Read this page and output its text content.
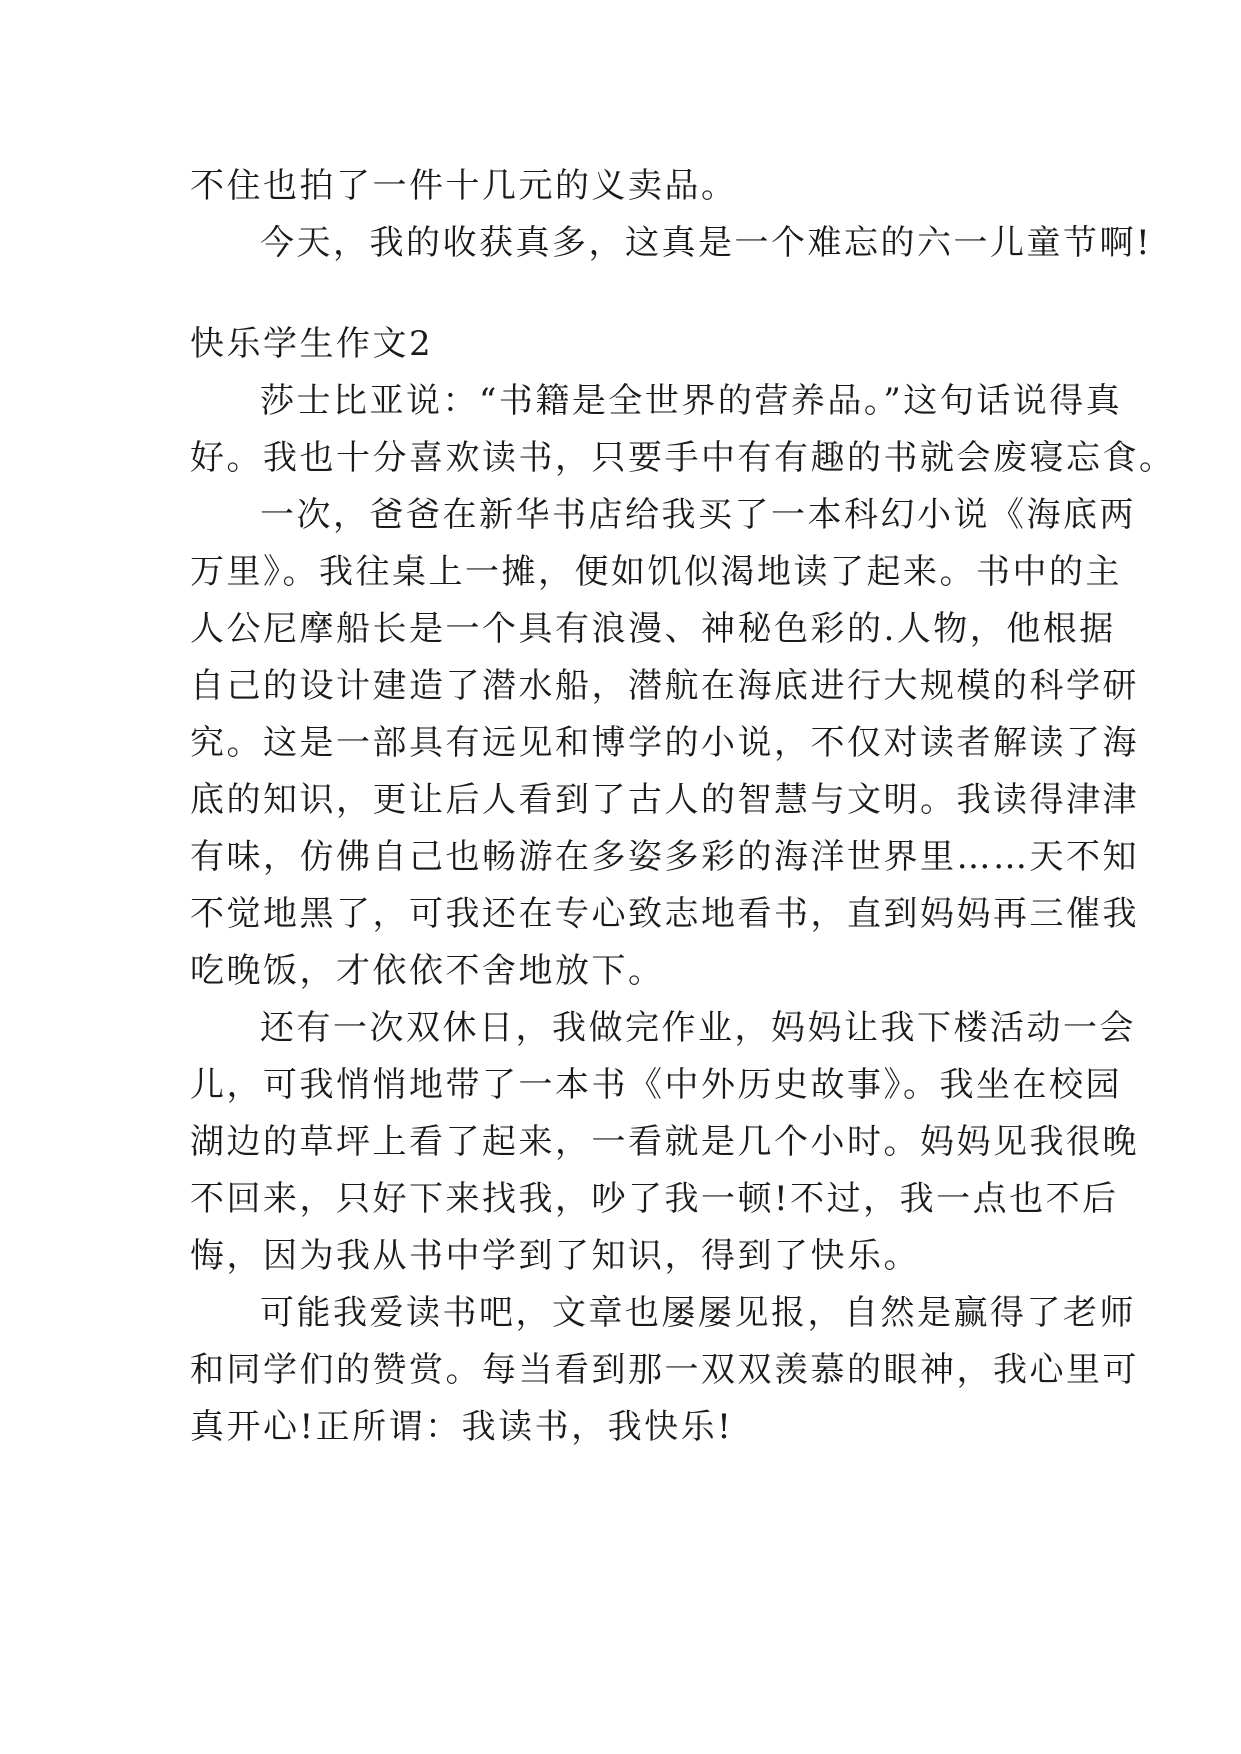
不住也拍了一件十几元的义卖品。
今天，我的收获真多，这真是一个难忘的六一儿童节啊!
快乐学生作文2
莎士比亚说：“书籍是全世界的营养品。”这句话说得真
好。我也十分喜欢读书，只要手中有有趣的书就会废寝忘食。
一次，爸爸在新华书店给我买了一本科幻小说《海底两
万里》。我往桌上一摊，便如饥似渴地读了起来。书中的主
人公尼摩船长是一个具有浪漫、神秘色彩的.人物，他根据
自己的设计建造了潜水船，潜航在海底进行大规模的科学研
究。这是一部具有远见和博学的小说，不仅对读者解读了海
底的知识，更让后人看到了古人的智慧与文明。我读得津津
有味，仿佛自己也畅游在多姿多彩的海洋世界里……天不知
不觉地黑了，可我还在专心致志地看书，直到妈妈再三催我
吃晚饭，才依依不舍地放下。
还有一次双休日，我做完作业，妈妈让我下楼活动一会
儿，可我悄悄地带了一本书《中外历史故事》。我坐在校园
湖边的草坪上看了起来，一看就是几个小时。妈妈见我很晚
不回来，只好下来找我，吵了我一顿!不过，我一点也不后
悔，因为我从书中学到了知识，得到了快乐。
可能我爱读书吧，文章也屡屡见报，自然是赢得了老师
和同学们的赞赏。每当看到那一双双羡慕的眼神，我心里可
真开心!正所谓：我读书，我快乐!
